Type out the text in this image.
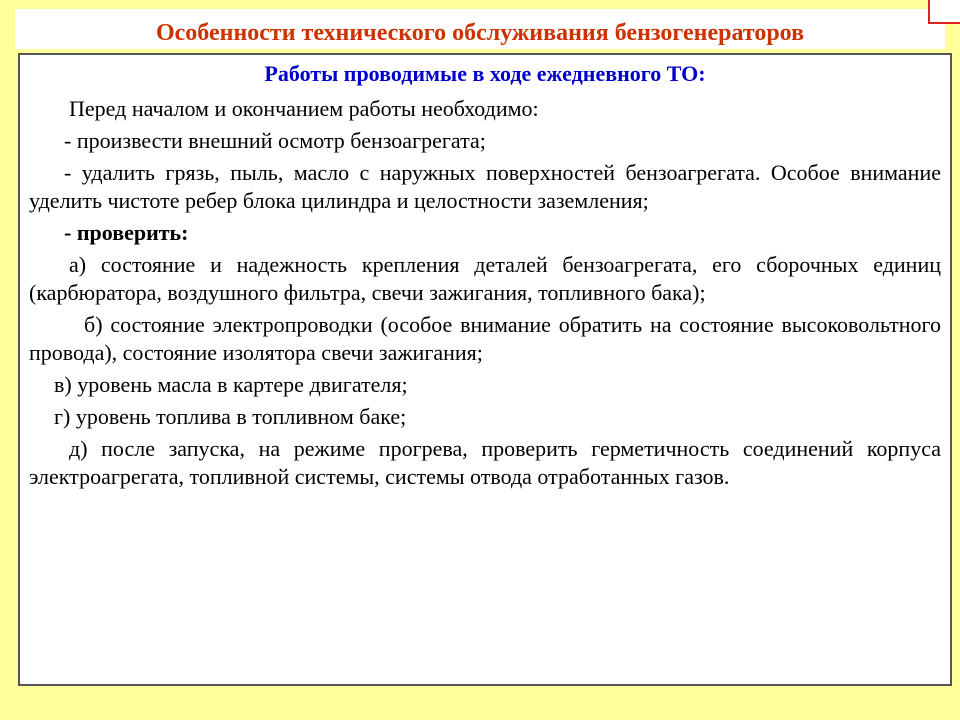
Особенности технического обслуживания бензогенераторов
Работы проводимые в ходе ежедневного ТО:
Перед началом и окончанием работы необходимо:
- произвести внешний осмотр бензоагрегата;
- удалить грязь, пыль, масло с наружных поверхностей бензоагрегата. Особое внимание уделить чистоте ребер блока цилиндра и целостности заземления;
- проверить:
а) состояние и надежность крепления деталей бензоагрегата, его сборочных единиц (карбюратора, воздушного фильтра, свечи зажигания, топливного бака);
б) состояние электропроводки (особое внимание обратить на состояние высоковольтного провода), состояние изолятора свечи зажигания;
в) уровень масла в картере двигателя;
г) уровень топлива в топливном баке;
д) после запуска, на режиме прогрева, проверить герметичность соединений корпуса электроагрегата, топливной системы, системы отвода отработанных газов.
